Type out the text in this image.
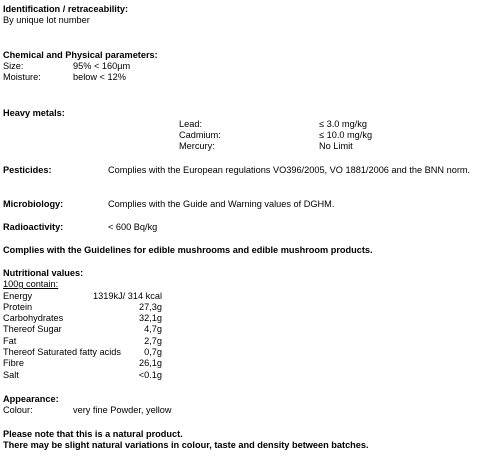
Identification / retraceability:
By unique lot number
Chemical and Physical parameters:
Size:	95% < 160µm
Moisture:	below < 12%
Heavy metals:
Lead:	≤ 3.0 mg/kg
Cadmium:	≤ 10.0 mg/kg
Mercury:	No Limit
Pesticides:	Complies with the European regulations VO396/2005, VO 1881/2006 and the BNN norm.
Microbiology:	Complies with the Guide and Warning values of DGHM.
Radioactivity:	< 600 Bq/kg
Complies with the Guidelines for edible mushrooms and edible mushroom products.
Nutritional values:
100g contain:
Energy	1319kJ/ 314 kcal
Protein	27,3g
Carbohydrates	32,1g
Thereof Sugar	4,7g
Fat	2,7g
Thereof Saturated fatty acids	0,7g
Fibre	26,1g
Salt	<0.1g
Appearance:
Colour:	very fine Powder, yellow
Please note that this is a natural product.
There may be slight natural variations in colour, taste and density between batches.
